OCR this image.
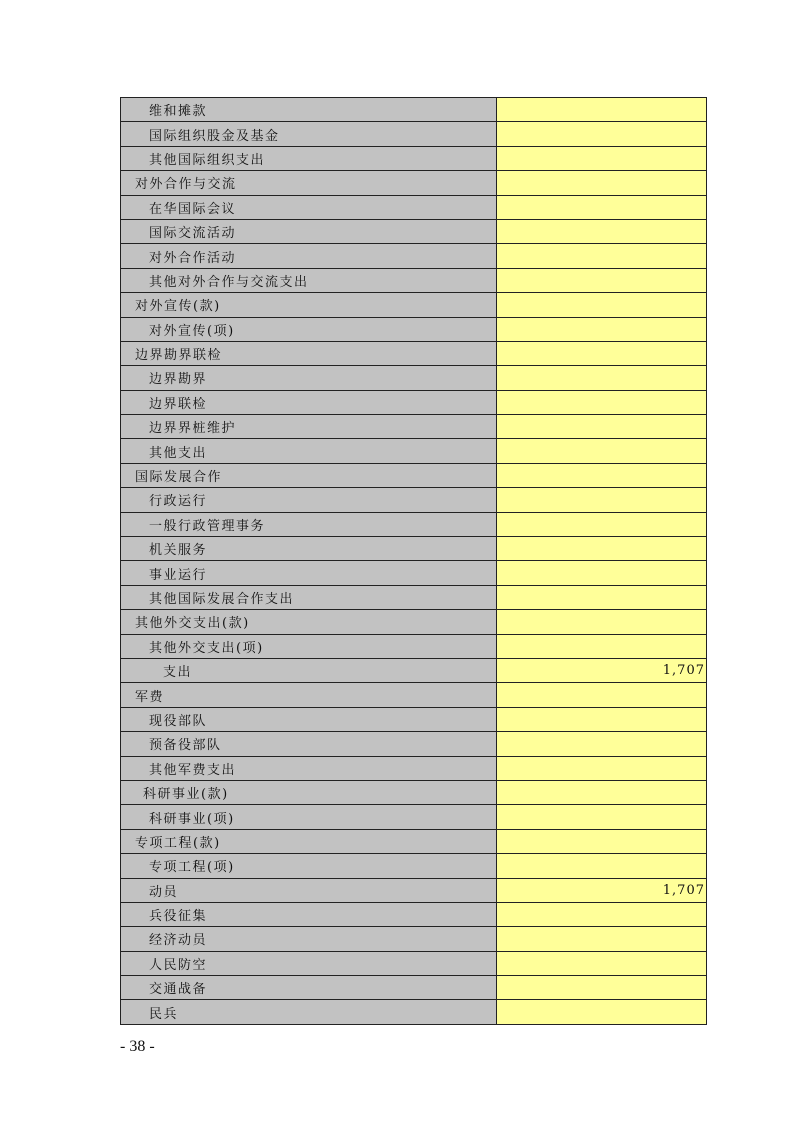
维和摊款	
国际组织股金及基金	
其他国际组织支出	
对外合作与交流	
在华国际会议	
国际交流活动	
对外合作活动	
其他对外合作与交流支出	
对外宣传(款)	
对外宣传(项)	
边界勘界联检	
边界勘界	
边界联检	
边界界桩维护	
其他支出	
国际发展合作	
行政运行	
一般行政管理事务	
机关服务	
事业运行	
其他国际发展合作支出	
其他外交支出(款)	
其他外交支出(项)	
支出	1,707
军费	
现役部队	
预备役部队	
其他军费支出	
科研事业(款)	
科研事业(项)	
专项工程(款)	
专项工程(项)	
动员	1,707
兵役征集	
经济动员	
人民防空	
交通战备	
民兵	
- 38 -
